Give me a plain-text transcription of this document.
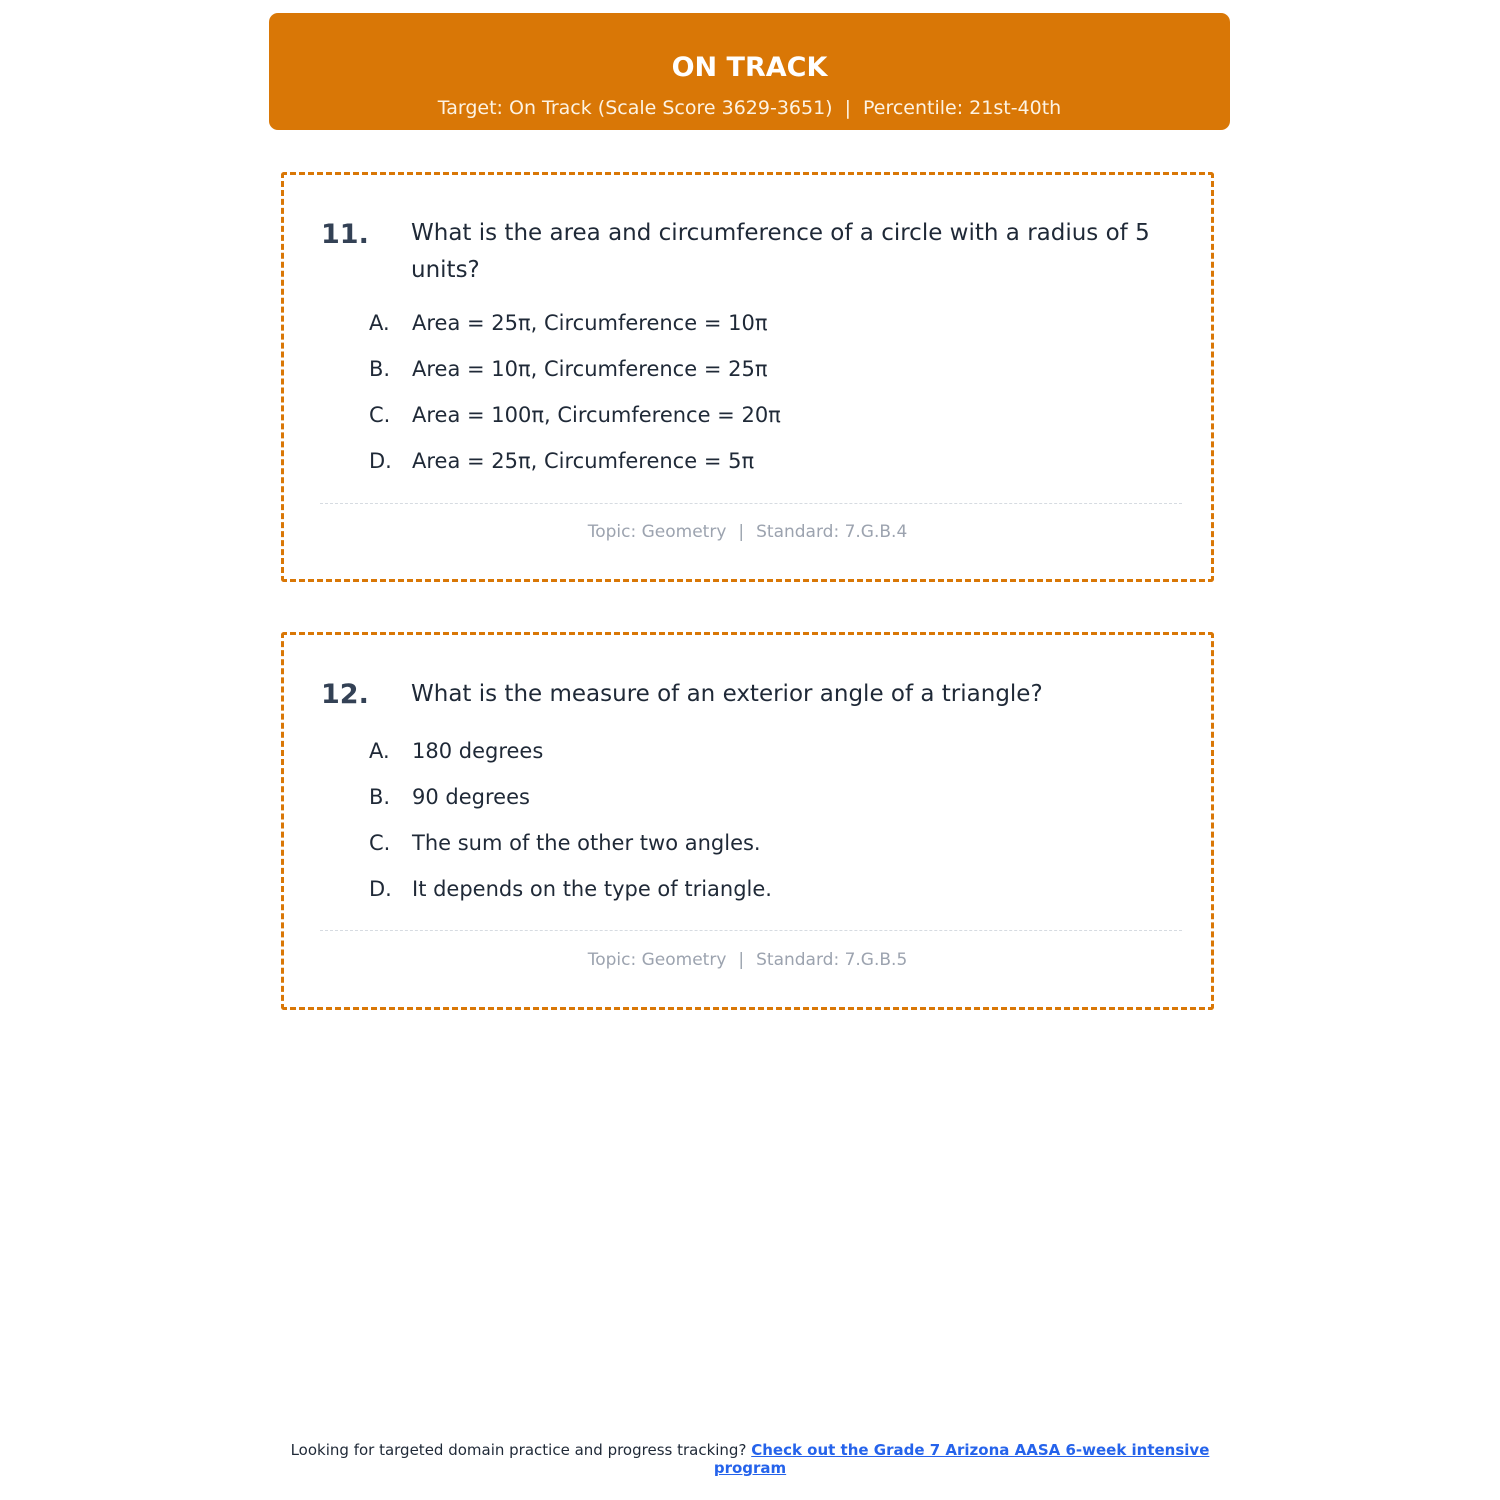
ON TRACK
Target: On Track (Scale Score 3629-3651) | Percentile: 21st-40th
11. What is the area and circumference of a circle with a radius of 5 units?
A. Area = 25π, Circumference = 10π
B. Area = 10π, Circumference = 25π
C. Area = 100π, Circumference = 20π
D. Area = 25π, Circumference = 5π
Topic: Geometry | Standard: 7.G.B.4
12. What is the measure of an exterior angle of a triangle?
A. 180 degrees
B. 90 degrees
C. The sum of the other two angles.
D. It depends on the type of triangle.
Topic: Geometry | Standard: 7.G.B.5
Looking for targeted domain practice and progress tracking? Check out the Grade 7 Arizona AASA 6-week intensive program
